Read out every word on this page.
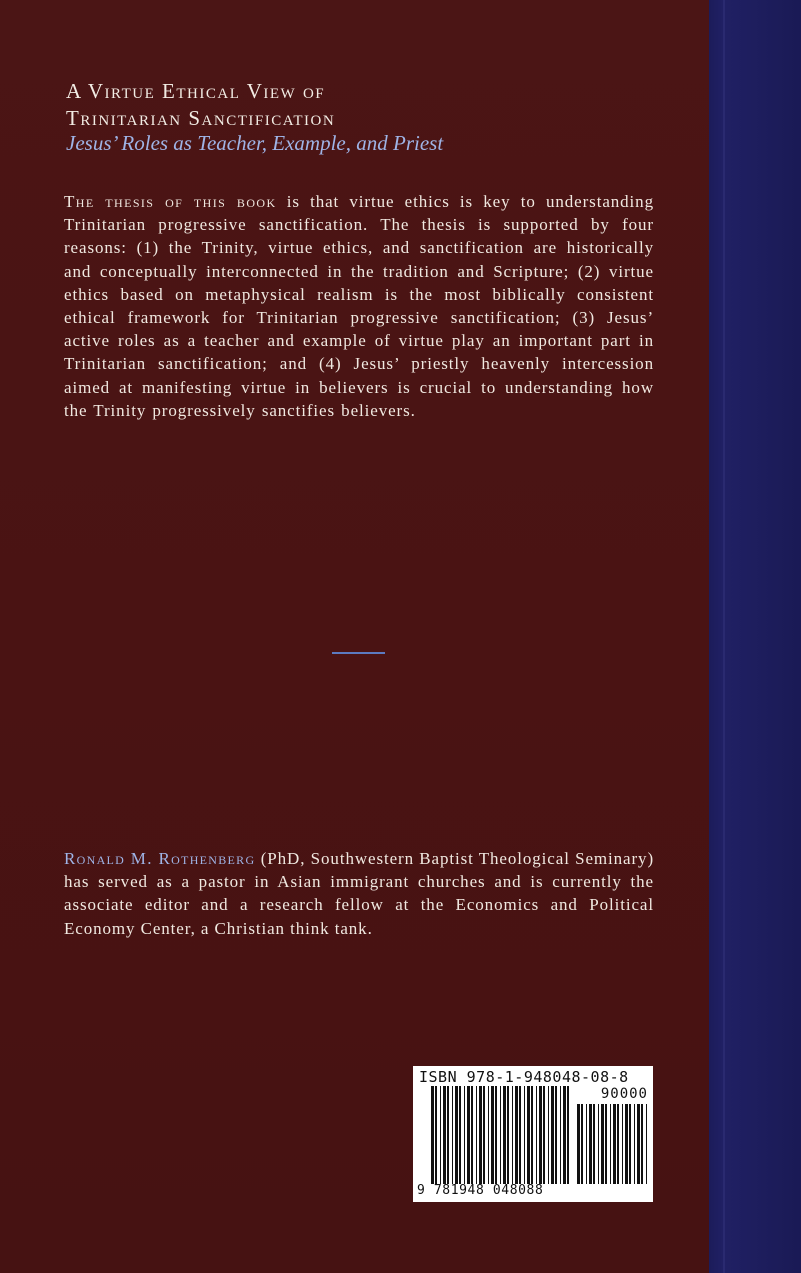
A Virtue Ethical View of
Trinitarian Sanctification
Jesus’ Roles as Teacher, Example, and Priest
The thesis of this book is that virtue ethics is key to understanding Trinitarian progressive sanctification. The thesis is supported by four reasons: (1) the Trinity, virtue ethics, and sanctification are historically and conceptually interconnected in the tradition and Scripture; (2) virtue ethics based on metaphysical realism is the most biblically consistent ethical framework for Trinitarian progressive sanctification; (3) Jesus’ active roles as a teacher and example of virtue play an important part in Trinitarian sanctification; and (4) Jesus’ priestly heavenly intercession aimed at manifesting virtue in believers is crucial to understanding how the Trinity progressively sanctifies believers.
Ronald M. Rothenberg (PhD, Southwestern Baptist Theological Seminary) has served as a pastor in Asian immigrant churches and is currently the associate editor and a research fellow at the Economics and Political Economy Center, a Christian think tank.
ISBN 978-1-948048-08-8
90000
9 781948 048088
